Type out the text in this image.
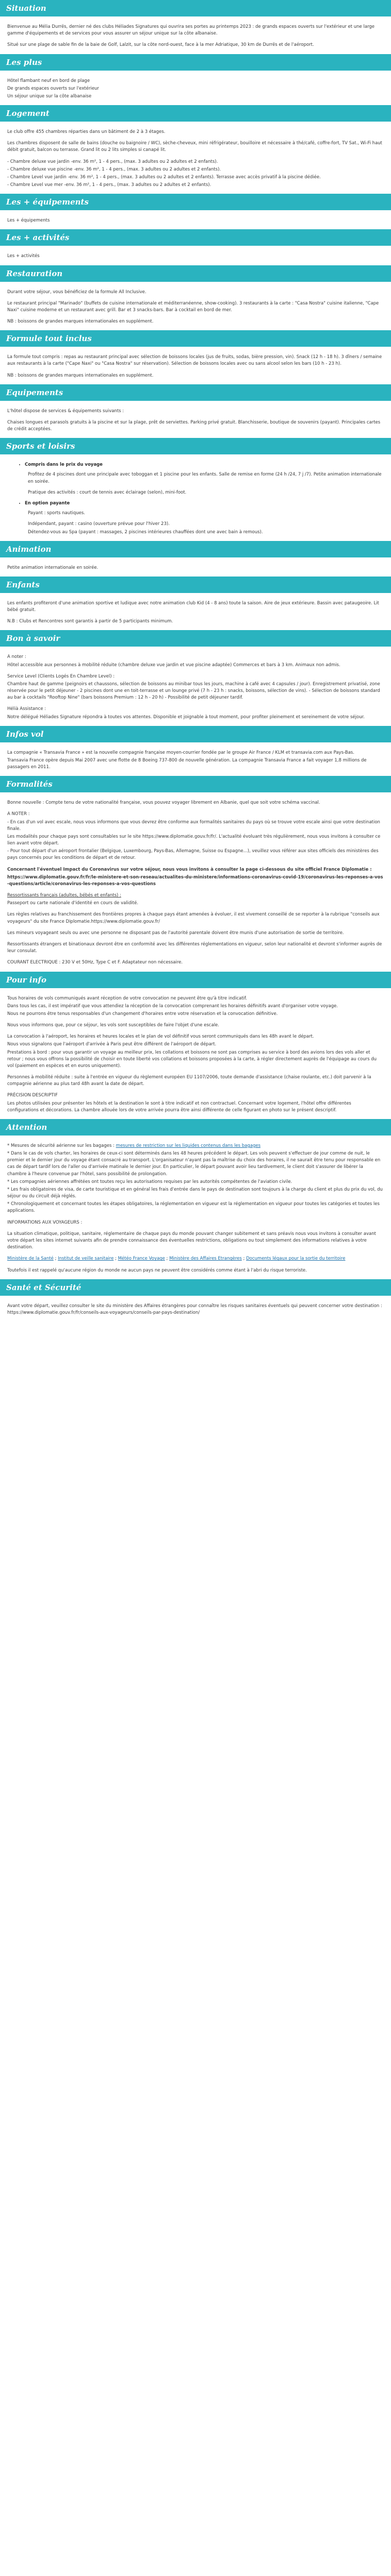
Situation

Bienvenue au Mélia Durrës, dernier né des clubs Héliades Signatures qui ouvrira ses portes au printemps 2023 : de grands espaces ouverts sur l'extérieur et une large gamme d'équipements et de services pour vous assurer un séjour unique sur la côte albanaise.

Situé sur une plage de sable fin de la baie de Golf, Lalzit, sur la côte nord-ouest, face à la mer Adriatique, 30 km de Durrës et de l'aéroport.

Les plus

Hôtel flambant neuf en bord de plage

De grands espaces ouverts sur l'extérieur

Un séjour unique sur la côte albanaise

Logement

Le club offre 455 chambres réparties dans un bâtiment de 2 à 3 étages.

Les chambres disposent de salle de bains (douche ou baignoire / WC), sèche-cheveux, mini réfrigérateur, bouilloire et nécessaire à thé/café, coffre-fort, TV Sat., Wi-Fi haut débit gratuit, balcon ou terrasse. Grand lit ou 2 lits simples si canapé lit.

- Chambre deluxe vue jardin -env. 36 m², 1 - 4 pers., (max. 3 adultes ou 2 adultes et 2 enfants).

- Chambre deluxe vue piscine -env. 36 m², 1 - 4 pers., (max. 3 adultes ou 2 adultes et 2 enfants).

- Chambre Level vue jardin -env. 36 m², 1 - 4 pers., (max. 3 adultes ou 2 adultes et 2 enfants). Terrasse avec accès privatif à la piscine dédiée.

- Chambre Level vue mer -env. 36 m², 1 - 4 pers., (max. 3 adultes ou 2 adultes et 2 enfants).

Les + équipements

Les + équipements

Les + activités

Les + activités

Restauration

Durant votre séjour, vous bénéficiez de la formule All Inclusive.

Le restaurant principal "Marinado" (buffets de cuisine internationale et méditerranéenne, show-cooking). 3 restaurants à la carte : "Casa Nostra" cuisine italienne, "Cape Naxi" cuisine moderne et un restaurant avec grill. Bar et 3 snacks-bars. Bar à cocktail en bord de mer.

NB : boissons de grandes marques internationales en supplément.

Formule tout inclus

La formule tout compris : repas au restaurant principal avec sélection de boissons locales (jus de fruits, sodas, bière pression, vin). Snack (12 h - 18 h). 3 dîners / semaine aux restaurants à la carte ("Cape Naxi" ou "Casa Nostra" sur réservation). Sélection de boissons locales avec ou sans alcool selon les bars (10 h - 23 h).

NB : boissons de grandes marques internationales en supplément.

Equipements

L'hôtel dispose de services & équipements suivants :

Chaises longues et parasols gratuits à la piscine et sur la plage, prêt de serviettes. Parking privé gratuit. Blanchisserie, boutique de souvenirs (payant). Principales cartes de crédit acceptées.

Sports et loisirs
• Compris dans le prix du voyage

Profitez de 4 piscines dont une principale avec toboggan et 1 piscine pour les enfants. Salle de remise en forme (24 h /24, 7 j /7). Petite animation internationale en soirée.

Pratique des activités : court de tennis avec éclairage (selon), mini-foot.

• En option payante

Payant : sports nautiques.

Indépendant, payant : casino (ouverture prévue pour l'hiver 23).

Détendez-vous au Spa (payant : massages, 2 piscines intérieures chauffées dont une avec bain à remous).

Animation

Petite animation internationale en soirée.

Enfants

Les enfants profiteront d'une animation sportive et ludique avec notre animation club Kid (4 - 8 ans) toute la saison. Aire de jeux extérieure. Bassin avec pataugeoire. Lit bébé gratuit.

N.B : Clubs et Rencontres sont garantis à partir de 5 participants minimum.

Bon à savoir

A noter :

Hôtel accessible aux personnes à mobilité réduite (chambre deluxe vue jardin et vue piscine adaptée) Commerces et bars à 3 km. Animaux non admis.

Service Level (Clients Logés En Chambre Level) :

Chambre haut de gamme (peignoirs et chaussons, sélection de boissons au minibar tous les jours, machine à café avec 4 capsules / jour). Enregistrement privatisé, zone réservée pour le petit déjeuner - 2 piscines dont une en toit-terrasse et un lounge privé (7 h - 23 h : snacks, boissons, sélection de vins). - Sélection de boissons standard au bar à cocktails "Rooftop Nine" (bars boissons Premium : 12 h - 20 h) - Possibilité de petit déjeuner tardif.

Hélià Assistance :

Notre délégué Héliades Signature répondra à toutes vos attentes. Disponible et joignable à tout moment, pour profiter pleinement et sereinement de votre séjour.

Infos vol

La compagnie « Transavia France » est la nouvelle compagnie française moyen-courrier fondée par le groupe Air France / KLM et transavia.com aux Pays-Bas.

Transavia France opère depuis Mai 2007 avec une flotte de 8 Boeing 737-800 de nouvelle génération. La compagnie Transavia France a fait voyager 1,8 millions de passagers en 2011.

Formalités

Bonne nouvelle : Compte tenu de votre nationalité française, vous pouvez voyager librement en Albanie, quel que soit votre schéma vaccinal.

A NOTER :

- En cas d'un vol avec escale, nous vous informons que vous devrez être conforme aux formalités sanitaires du pays où se trouve votre escale ainsi que votre destination finale.

Les modalités pour chaque pays sont consultables sur le site https://www.diplomatie.gouv.fr/fr/. L'actualité évoluant très régulièrement, nous vous invitons à consulter ce lien avant votre départ.

- Pour tout départ d'un aéroport frontalier (Belgique, Luxembourg, Pays-Bas, Allemagne, Suisse ou Espagne...), veuillez vous référer aux sites officiels des ministères des pays concernés pour les conditions de départ et de retour.

Concernant l'éventuel Impact du Coronavirus sur votre séjour, nous vous invitons à consulter la page ci-dessous du site officiel France Diplomatie :

https://www.diplomatie.gouv.fr/fr/le-ministere-et-son-reseau/actualites-du-ministere/informations-coronavirus-covid-19/coronavirus-les-reponses-a-vos-questions/article/coronavirus-les-reponses-a-vos-questions

Ressortissants français (adultes, bébés et enfants) :

Passeport ou carte nationale d'identité en cours de validité.

Les règles relatives au franchissement des frontières propres à chaque pays étant amenées à évoluer, il est vivement conseillé de se reporter à la rubrique "conseils aux voyageurs" du site France Diplomatie.https://www.diplomatie.gouv.fr/

Les mineurs voyageant seuls ou avec une personne ne disposant pas de l'autorité parentale doivent être munis d'une autorisation de sortie de territoire.

Ressortissants étrangers et binationaux devront être en conformité avec les différentes réglementations en vigueur, selon leur nationalité et devront s'informer auprès de leur consulat.

COURANT ELECTRIQUE : 230 V et 50Hz, Type C et F. Adaptateur non nécessaire.

Pour info

Tous horaires de vols communiqués avant réception de votre convocation ne peuvent être qu'à titre indicatif.

Dans tous les cas, il est impératif que vous attendiez la réception de la convocation comprenant les horaires définitifs avant d'organiser votre voyage.

Nous ne pourrons être tenus responsables d'un changement d'horaires entre votre réservation et la convocation définitive.

Nous vous informons que, pour ce séjour, les vols sont susceptibles de faire l'objet d'une escale.

La convocation à l'aéroport, les horaires et heures locales et le plan de vol définitif vous seront communiqués dans les 48h avant le départ.

Nous vous signalons que l'aéroport d'arrivée à Paris peut être différent de l'aéroport de départ.

Prestations à bord : pour vous garantir un voyage au meilleur prix, les collations et boissons ne sont pas comprises au service à bord des avions lors des vols aller et retour ; nous vous offrons la possibilité de choisir en toute liberté vos collations et boissons proposées à la carte, à régler directement auprès de l'équipage au cours du vol (paiement en espèces et en euros uniquement).

Personnes à mobilité réduite : suite à l'entrée en vigueur du règlement européen EU 1107/2006, toute demande d'assistance (chaise roulante, etc.) doit parvenir à la compagnie aérienne au plus tard 48h avant la date de départ.

PRÉCISION DESCRIPTIF

Les photos utilisées pour présenter les hôtels et la destination le sont à titre indicatif et non contractuel. Concernant votre logement, l'hôtel offre différentes configurations et décorations. La chambre allouée lors de votre arrivée pourra être ainsi différente de celle figurant en photo sur le présent descriptif.

Attention

* Mesures de sécurité aérienne sur les bagages : mesures de restriction sur les liquides contenus dans les bagages

* Dans le cas de vols charter, les horaires de ceux-ci sont déterminés dans les 48 heures précédent le départ. Les vols peuvent s'effectuer de jour comme de nuit, le premier et le dernier jour du voyage étant consacré au transport. L'organisateur n'ayant pas la maîtrise du choix des horaires, il ne saurait être tenu pour responsable en cas de départ tardif lors de l'aller ou d'arrivée matinale le dernier jour. En particulier, le départ pouvant avoir lieu tardivement, le client doit s'assurer de libérer la chambre à l'heure convenue par l'hôtel, sans possibilité de prolongation.

* Les compagnies aériennes affrétées ont toutes reçu les autorisations requises par les autorités compétentes de l'aviation civile.

* Les frais obligatoires de visa, de carte touristique et en général les frais d'entrée dans le pays de destination sont toujours à la charge du client et plus du prix du vol, du séjour ou du circuit déjà réglés.

* Chronologiquement et concernant toutes les étapes obligatoires, la réglementation en vigueur est la réglementation en vigueur pour toutes les catégories et toutes les applications.

INFORMATIONS AUX VOYAGEURS :

La situation climatique, politique, sanitaire, réglementaire de chaque pays du monde pouvant changer subitement et sans préavis nous vous invitons à consulter avant votre départ les sites internet suivants afin de prendre connaissance des éventuelles restrictions, obligations ou tout simplement des informations relatives à votre destination.

Ministère de la Santé ; Institut de veille sanitaire ; Météo France Voyage ; Ministère des Affaires Etrangères ; Documents légaux pour la sortie du territoire

Toutefois il est rappelé qu'aucune région du monde ne aucun pays ne peuvent être considérés comme étant à l'abri du risque terroriste.

Santé et Sécurité

Avant votre départ, veuillez consulter le site du ministère des Affaires étrangères pour connaître les risques sanitaires éventuels qui peuvent concerner votre destination : https://www.diplomatie.gouv.fr/fr/conseils-aux-voyageurs/conseils-par-pays-destination/
